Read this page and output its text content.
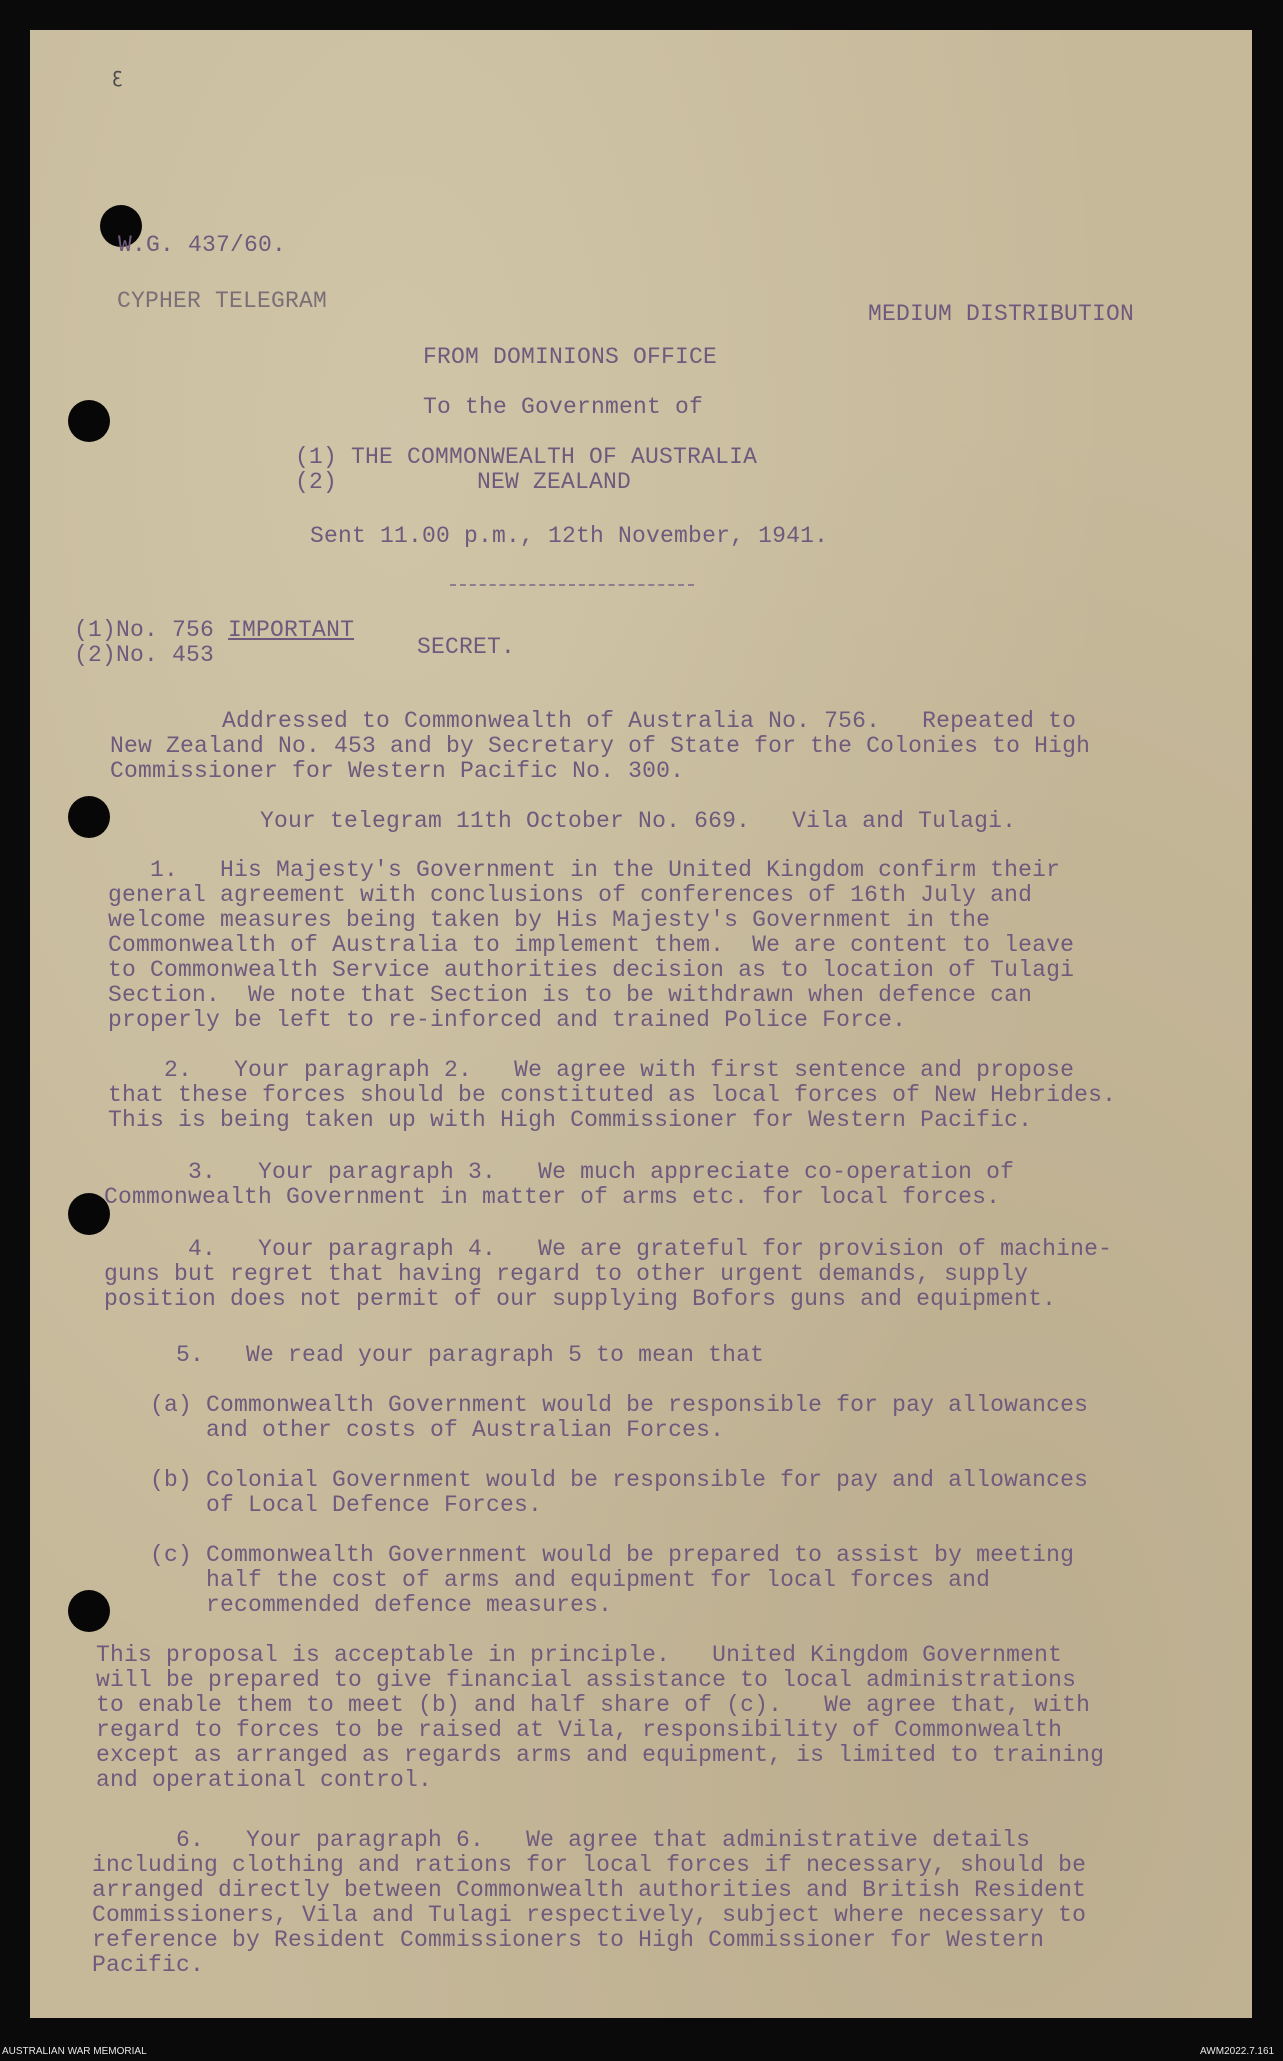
ꜫ
W.G. 437/60.
CYPHER TELEGRAM	MEDIUM DISTRIBUTION
FROM DOMINIONS OFFICE
To the Government of
(1) THE COMMONWEALTH OF AUSTRALIA
(2)          NEW ZEALAND
Sent 11.00 p.m., 12th November, 1941.
(1)No. 756 IMPORTANT
(2)No. 453	SECRET.
Addressed to Commonwealth of Australia No. 756.   Repeated to
New Zealand No. 453 and by Secretary of State for the Colonies to High
Commissioner for Western Pacific No. 300.
Your telegram 11th October No. 669.   Vila and Tulagi.
1.   His Majesty's Government in the United Kingdom confirm their
general agreement with conclusions of conferences of 16th July and
welcome measures being taken by His Majesty's Government in the
Commonwealth of Australia to implement them.  We are content to leave
to Commonwealth Service authorities decision as to location of Tulagi
Section.  We note that Section is to be withdrawn when defence can
properly be left to re-inforced and trained Police Force.
2.   Your paragraph 2.   We agree with first sentence and propose
that these forces should be constituted as local forces of New Hebrides.
This is being taken up with High Commissioner for Western Pacific.
3.   Your paragraph 3.   We much appreciate co-operation of
Commonwealth Government in matter of arms etc. for local forces.
4.   Your paragraph 4.   We are grateful for provision of machine-
guns but regret that having regard to other urgent demands, supply
position does not permit of our supplying Bofors guns and equipment.
5.   We read your paragraph 5 to mean that
(a) Commonwealth Government would be responsible for pay allowances
and other costs of Australian Forces.
(b) Colonial Government would be responsible for pay and allowances
of Local Defence Forces.
(c) Commonwealth Government would be prepared to assist by meeting
half the cost of arms and equipment for local forces and
recommended defence measures.
This proposal is acceptable in principle.   United Kingdom Government
will be prepared to give financial assistance to local administrations
to enable them to meet (b) and half share of (c).   We agree that, with
regard to forces to be raised at Vila, responsibility of Commonwealth
except as arranged as regards arms and equipment, is limited to training
and operational control.
6.   Your paragraph 6.   We agree that administrative details
including clothing and rations for local forces if necessary, should be
arranged directly between Commonwealth authorities and British Resident
Commissioners, Vila and Tulagi respectively, subject where necessary to
reference by Resident Commissioners to High Commissioner for Western
Pacific.
AUSTRALIAN WAR MEMORIAL	AWM2022.7.161
